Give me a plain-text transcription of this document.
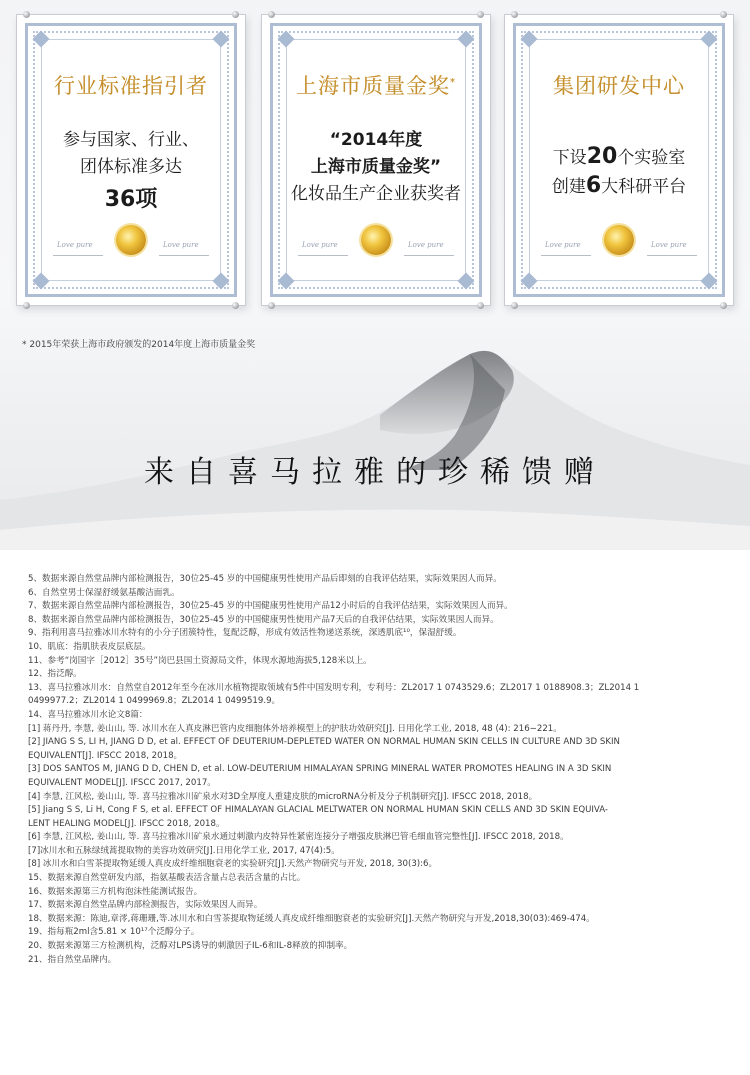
行业标准指引者
参与国家、行业、
团体标准多达
36项
Love pure	Love pure
上海市质量金奖*
“2014年度
上海市质量金奖”
化妆品生产企业获奖者
Love pure	Love pure
集团研发中心
下设20个实验室
创建6大科研平台
Love pure	Love pure
* 2015年荣获上海市政府颁发的2014年度上海市质量金奖
来自喜马拉雅的珍稀馈赠
5、数据来源自然堂品牌内部检测报告，30位25-45 岁的中国健康男性使用产品后即刻的自我评估结果，实际效果因人而异。
6、自然堂男士保湿舒缓氨基酸洁面乳。
7、数据来源自然堂品牌内部检测报告，30位25-45 岁的中国健康男性使用产品12小时后的自我评估结果，实际效果因人而异。
8、数据来源自然堂品牌内部检测报告，30位25-45 岁的中国健康男性使用产品7天后的自我评估结果，实际效果因人而异。
9、指利用喜马拉雅冰川水特有的小分子团簇特性，复配泛醇，形成有效活性物递送系统，深透肌底¹⁰，保湿舒缓。
10、肌底：指肌肤表皮层底层。
11、参考“岗国字［2012］35号”岗巴县国土资源局文件，体现水源地海拔5,128米以上。
12、指泛醇。
13、喜马拉雅冰川水：自然堂自2012年至今在冰川水植物提取领域有5件中国发明专利，专利号：ZL2017 1 0743529.6；ZL2017 1 0188908.3；ZL2014 1
0499977.2；ZL2014 1 0499969.8；ZL2014 1 0499519.9。
14、喜马拉雅冰川水论文8篇：
[1] 蒋丹丹, 李慧, 姜山山, 等. 冰川水在人真皮淋巴管内皮细胞体外培养模型上的护肤功效研究[J]. 日用化学工业, 2018, 48 (4): 216−221。
[2] JIANG S S, LI H, JIANG D D, et al. EFFECT OF DEUTERIUM-DEPLETED WATER ON NORMAL HUMAN SKIN CELLS IN CULTURE AND 3D SKIN
EQUIVALENT[J]. IFSCC 2018, 2018。
[3] DOS SANTOS M, JIANG D D, CHEN D, et al. LOW-DEUTERIUM HIMALAYAN SPRING MINERAL WATER PROMOTES HEALING IN A 3D SKIN
EQUIVALENT MODEL[J]. IFSCC 2017, 2017。
[4] 李慧, 江风松, 姜山山, 等. 喜马拉雅冰川矿泉水对3D全厚度人重建皮肤的microRNA分析及分子机制研究[J]. IFSCC 2018, 2018。
[5] Jiang S S, Li H, Cong F S, et al. EFFECT OF HIMALAYAN GLACIAL MELTWATER ON NORMAL HUMAN SKIN CELLS AND 3D SKIN EQUIVA-
LENT HEALING MODEL[J]. IFSCC 2018, 2018。
[6] 李慧, 江风松, 姜山山, 等. 喜马拉雅冰川矿泉水通过刺激内皮特异性紧密连接分子增强皮肤淋巴管毛细血管完整性[J]. IFSCC 2018, 2018。
[7]冰川水和五脉绿绒蒿提取物的美容功效研究[J].日用化学工业, 2017, 47(4):5。
[8] 冰川水和白雪茶提取物延缓人真皮成纤维细胞衰老的实验研究[J].天然产物研究与开发, 2018, 30(3):6。
15、数据来源自然堂研发内部，指氨基酸表活含量占总表活含量的占比。
16、数据来源第三方机构泡沫性能测试报告。
17、数据来源自然堂品牌内部检测报告，实际效果因人而异。
18、数据来源：陈迪,章澪,蒋珊珊,等.冰川水和白雪茶提取物延缓人真皮成纤维细胞衰老的实验研究[J].天然产物研究与开发,2018,30(03):469-474。
19、指每瓶2ml含5.81 × 10¹⁷个泛醇分子。
20、数据来源第三方检测机构，泛醇对LPS诱导的刺激因子IL-6和IL-8释放的抑制率。
21、指自然堂品牌内。
